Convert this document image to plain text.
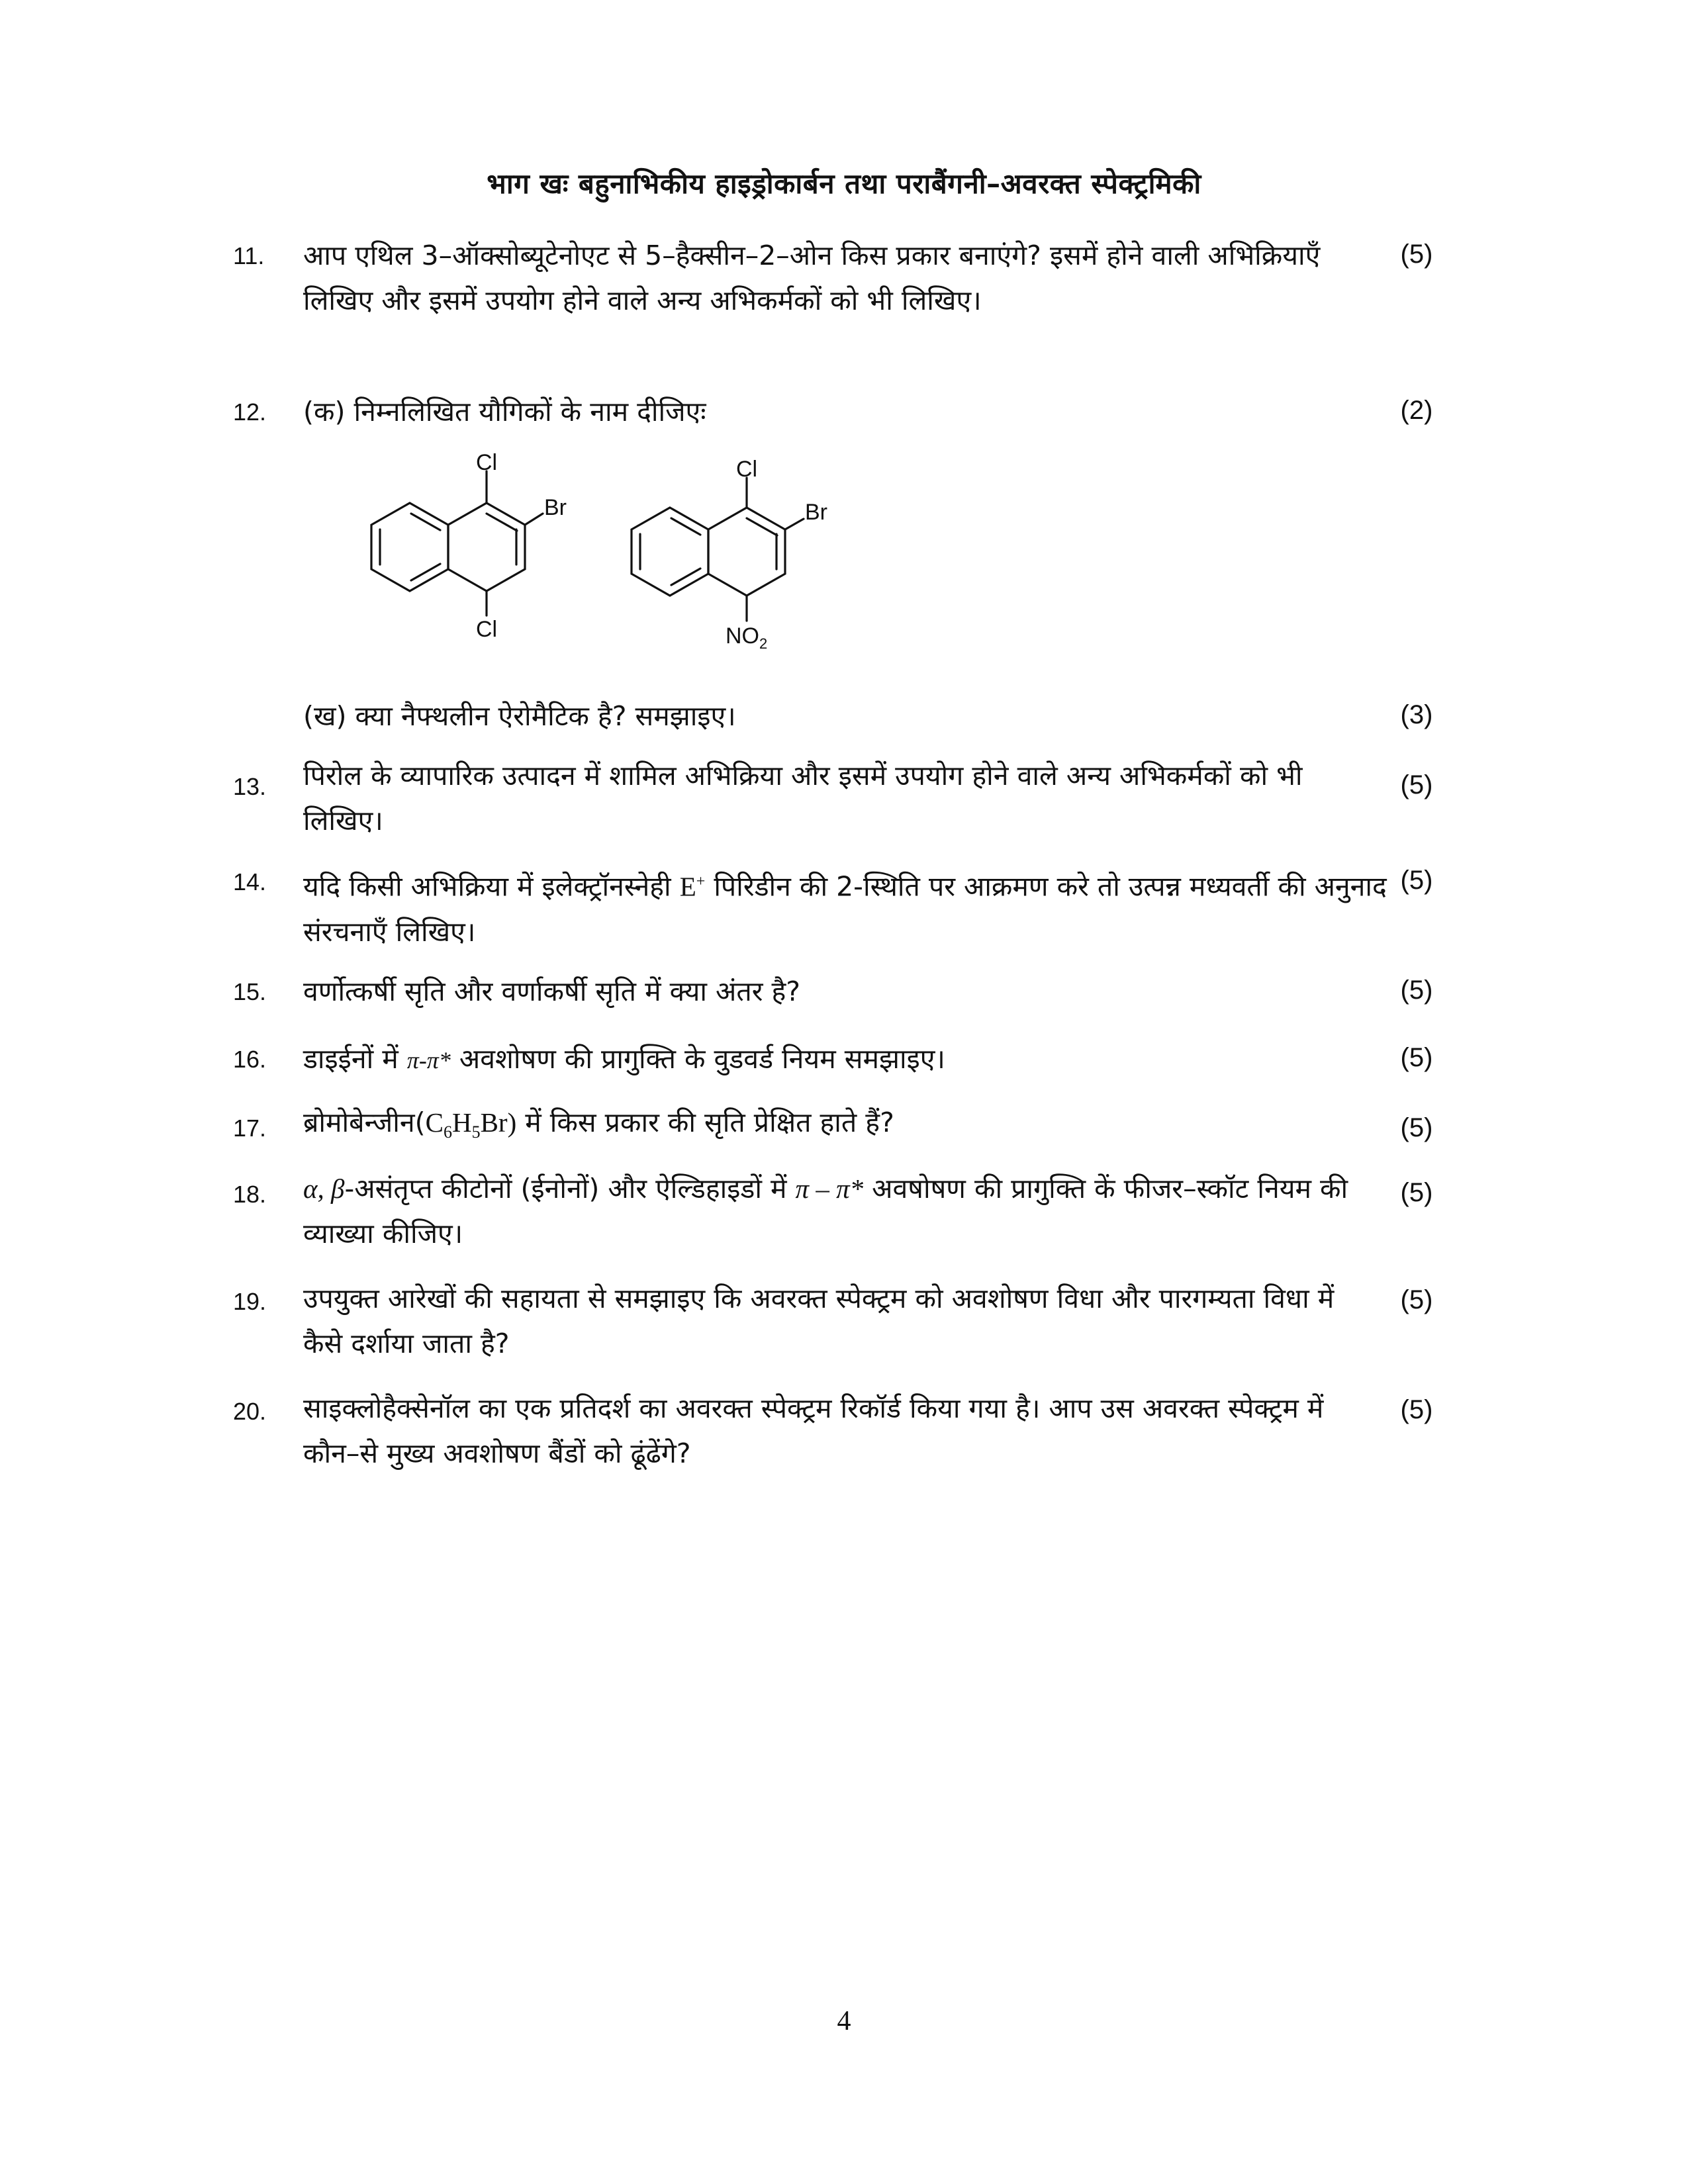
भाग खः बहुनाभिकीय हाइड्रोकार्बन तथा पराबैंगनी–अवरक्त स्पेक्ट्रमिकी
11. आप एथिल 3–ऑक्सोब्यूटेनोएट से 5–हैक्सीन–2–ओन किस प्रकार बनाएंगे? इसमें होने वाली अभिक्रियाएँ लिखिए और इसमें उपयोग होने वाले अन्य अभिकर्मकों को भी लिखिए।
(5)
12. (क) निम्नलिखित यौगिकों के नाम दीजिएः	(2)
Cl
Br
Cl
Cl
Br
$NO_2$
(ख) क्या नैफ्थलीन ऐरोमैटिक है? समझाइए।	(3)
13. पिरोल के व्यापारिक उत्पादन में शामिल अभिक्रिया और इसमें उपयोग होने वाले अन्य अभिकर्मकों को भी लिखिए।
(5)
14. यदि किसी अभिक्रिया में इलेक्ट्रॉनस्नेही E+ पिरिडीन की 2-स्थिति पर आक्रमण करे तो उत्पन्न मध्यवर्ती की अनुनाद संरचनाएँ लिखिए।
(5)
15. वर्णोत्कर्षी सृति और वर्णाकर्षी सृति में क्या अंतर है?	(5)
16. डाइईनों में π-π* अवशोषण की प्रागुक्ति के वुडवर्ड नियम समझाइए।	(5)
17. $ब्रोमोबेन्जीन(C_6H_5Br)$ में किस प्रकार की सृति प्रेक्षित हाते हैं?	(5)
18. α, β-असंतृप्त कीटोनों (ईनोनों) और ऐल्डिहाइडों में π – π* अवषोषण की प्रागुक्ति कें फीजर–स्कॉट नियम की व्याख्या कीजिए।
(5)
19. उपयुक्त आरेखों की सहायता से समझाइए कि अवरक्त स्पेक्ट्रम को अवशोषण विधा और पारगम्यता विधा में कैसे दर्शाया जाता है?
(5)
20. साइक्लोहैक्सेनॉल का एक प्रतिदर्श का अवरक्त स्पेक्ट्रम रिकॉर्ड किया गया है। आप उस अवरक्त स्पेक्ट्रम में कौन–से मुख्य अवशोषण बैंडों को ढूंढेंगे?
(5)
4
